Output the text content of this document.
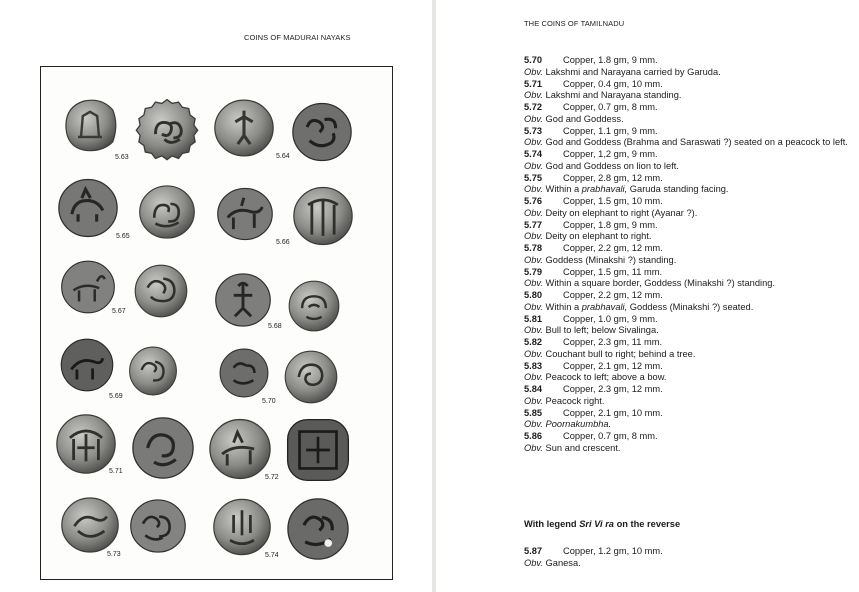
COINS OF MADURAI NAYAKS
5.63	5.64
5.65
5.66
5.67
5.68
5.69
5.70
5.71
5.72
5.73	5.74
THE COINS OF TAMILNADU
5.70 Copper, 1.8 gm, 9 mm.
Obv. Lakshmi and Narayana carried by Garuda.
5.71 Copper, 0.4 gm, 10 mm.
Obv. Lakshmi and Narayana standing.
5.72 Copper, 0.7 gm, 8 mm.
Obv. God and Goddess.
5.73 Copper, 1.1 gm, 9 mm.
Obv. God and Goddess (Brahma and Saraswati ?) seated on a peacock to left.
5.74 Copper, 1,2 gm, 9 mm.
Obv. God and Goddess on lion to left.
5.75 Copper, 2.8 gm, 12 mm.
Obv. Within a prabhavali, Garuda standing facing.
5.76 Copper, 1.5 gm, 10 mm.
Obv. Deity on elephant to right (Ayanar ?).
5.77 Copper, 1.8 gm, 9 mm.
Obv. Deity on elephant to right.
5.78 Copper, 2.2 gm, 12 mm.
Obv. Goddess (Minakshi ?) standing.
5.79 Copper, 1.5 gm, 11 mm.
Obv. Within a square border, Goddess (Minakshi ?) standing.
5.80 Copper, 2.2 gm, 12 mm.
Obv. Within a prabhavali, Goddess (Minakshi ?) seated.
5.81 Copper, 1.0 gm, 9 mm.
Obv. Bull to left; below Sivalinga.
5.82 Copper, 2.3 gm, 11 mm.
Obv. Couchant bull to right; behind a tree.
5.83 Copper, 2.1 gm, 12 mm.
Obv. Peacock to left; above a bow.
5.84 Copper, 2.3 gm, 12 mm.
Obv. Peacock right.
5.85 Copper, 2.1 gm, 10 mm.
Obv. Poornakumbha.
5.86 Copper, 0.7 gm, 8 mm.
Obv. Sun and crescent.
With legend Sri Vi ra on the reverse
5.87 Copper, 1.2 gm, 10 mm.
Obv. Ganesa.
